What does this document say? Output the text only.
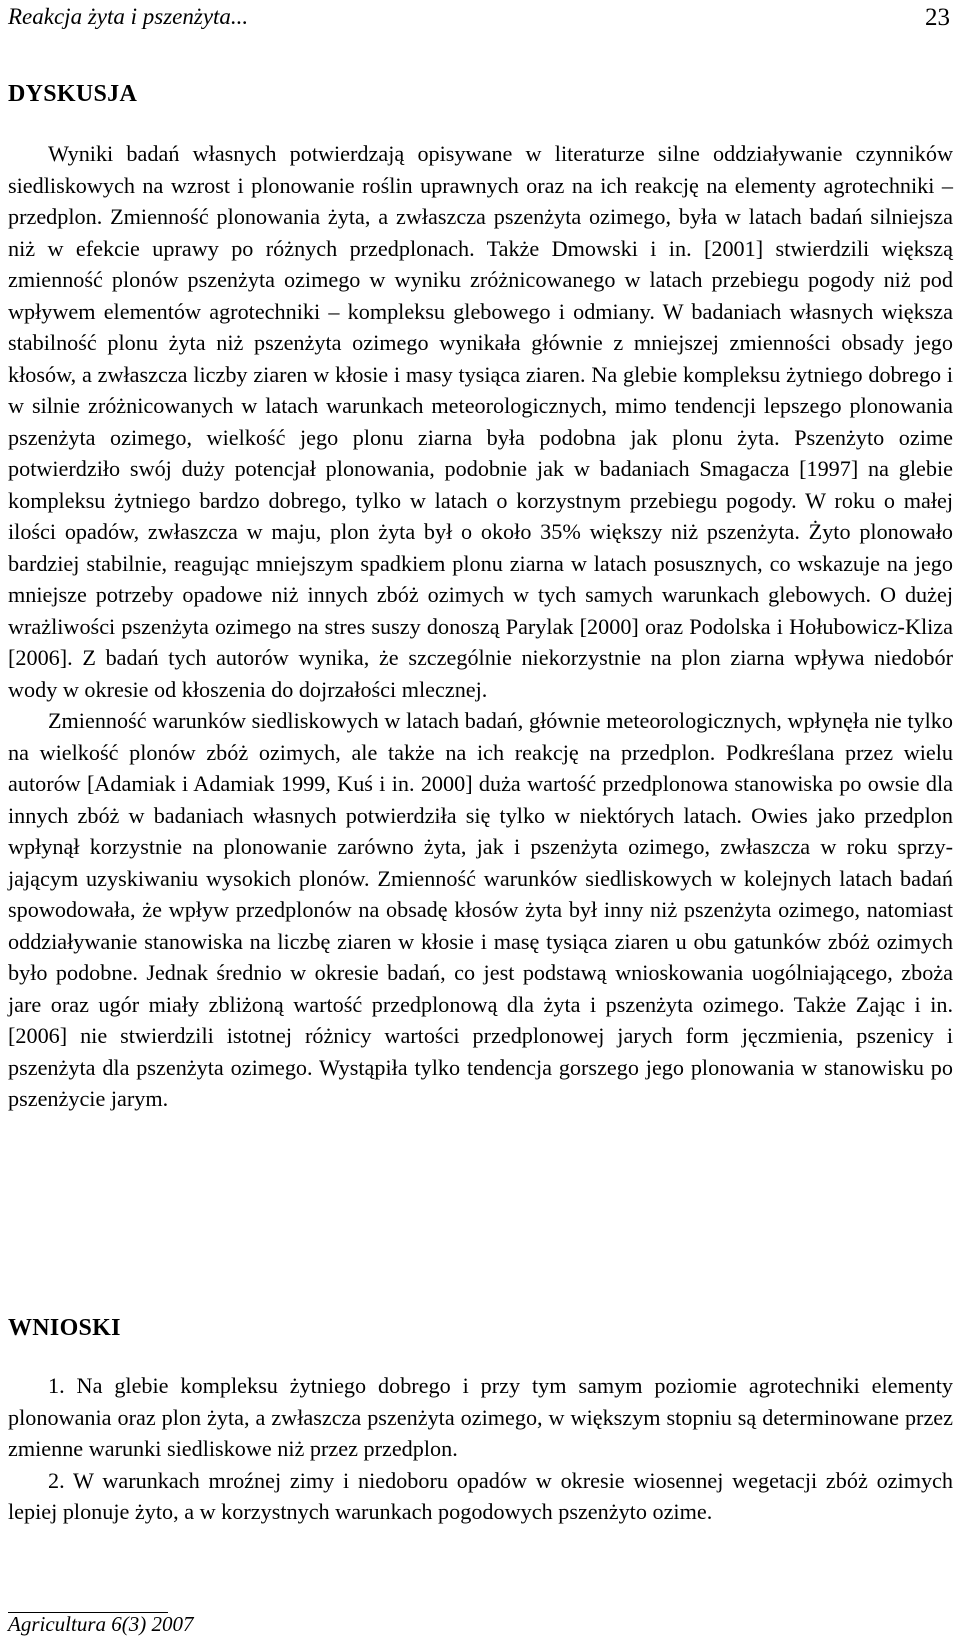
Reakcja żyta i pszenżyta...	23
DYSKUSJA

Wyniki badań własnych potwierdzają opisywane w literaturze silne oddziaływanie czynników siedliskowych na wzrost i plonowanie roślin uprawnych oraz na ich reakcję na elementy agrotechniki – przedplon. Zmienność plonowania żyta, a zwłaszcza pszenżyta ozimego, była w latach badań silniejsza niż w efekcie uprawy po różnych przedplonach. Także Dmowski i in. [2001] stwierdzili większą zmienność plonów pszenżyta ozimego w wyniku zróżnicowanego w latach przebiegu pogody niż pod wpływem elementów agrotechniki – kompleksu glebowego i odmiany. W badaniach własnych większa stabilność plonu żyta niż pszenżyta ozimego wynikała głównie z mniejszej zmienności obsady jego kłosów, a zwłaszcza liczby ziaren w kłosie i masy tysiąca ziaren. Na glebie kompleksu żytniego dobrego i w silnie zróżnicowanych w latach warunkach meteorologicznych, mimo tendencji lepszego plonowania pszenżyta ozimego, wielkość jego plonu ziarna była podobna jak plonu żyta. Pszenżyto ozime potwierdziło swój duży potencjał plonowania, podobnie jak w badaniach Smagacza [1997] na glebie kompleksu żytniego bardzo dobrego, tylko w latach o korzystnym przebiegu pogody. W roku o małej ilości opadów, zwłaszcza w maju, plon żyta był o około 35% większy niż pszenżyta. Żyto plonowało bardziej stabilnie, reagując mniejszym spadkiem plonu ziarna w latach posusznych, co wskazuje na jego mniejsze potrzeby opadowe niż innych zbóż ozimych w tych samych warunkach glebowych. O dużej wrażliwości pszenżyta ozimego na stres suszy donoszą Parylak [2000] oraz Podolska i Hołubowicz-Kliza [2006]. Z badań tych autorów wynika, że szczególnie niekorzystnie na plon ziarna wpływa niedobór wody w okresie od kłoszenia do dojrzałości mlecznej.

Zmienność warunków siedliskowych w latach badań, głównie meteorologicznych, wpłynęła nie tylko na wielkość plonów zbóż ozimych, ale także na ich reakcję na przedplon. Podkreślana przez wielu autorów [Adamiak i Adamiak 1999, Kuś i in. 2000] duża wartość przedplonowa stanowiska po owsie dla innych zbóż w badaniach własnych potwierdziła się tylko w niektórych latach. Owies jako przedplon wpłynął korzystnie na plonowanie zarówno żyta, jak i pszenżyta ozimego, zwłaszcza w roku sprzyjającym uzyskiwaniu wysokich plonów. Zmienność warunków siedliskowych w kolejnych latach badań spowodowała, że wpływ przedplonów na obsadę kłosów żyta był inny niż pszenżyta ozimego, natomiast oddziaływanie stanowiska na liczbę ziaren w kłosie i masę tysiąca ziaren u obu gatunków zbóż ozimych było podobne. Jednak średnio w okresie badań, co jest podstawą wnioskowania uogólniającego, zboża jare oraz ugór miały zbliżoną wartość przedplonową dla żyta i pszenżyta ozimego. Także Zając i in. [2006] nie stwierdzili istotnej różnicy wartości przedplonowej jarych form jęczmienia, pszenicy i pszenżyta dla pszenżyta ozimego. Wystąpiła tylko tendencja gorszego jego plonowania w stanowisku po pszenżycie jarym.

WNIOSKI

1. Na glebie kompleksu żytniego dobrego i przy tym samym poziomie agrotechniki elementy plonowania oraz plon żyta, a zwłaszcza pszenżyta ozimego, w większym stopniu są determinowane przez zmienne warunki siedliskowe niż przez przedplon.

2. W warunkach mroźnej zimy i niedoboru opadów w okresie wiosennej wegetacji zbóż ozimych lepiej plonuje żyto, a w korzystnych warunkach pogodowych pszenżyto ozime.

Agricultura 6(3) 2007
